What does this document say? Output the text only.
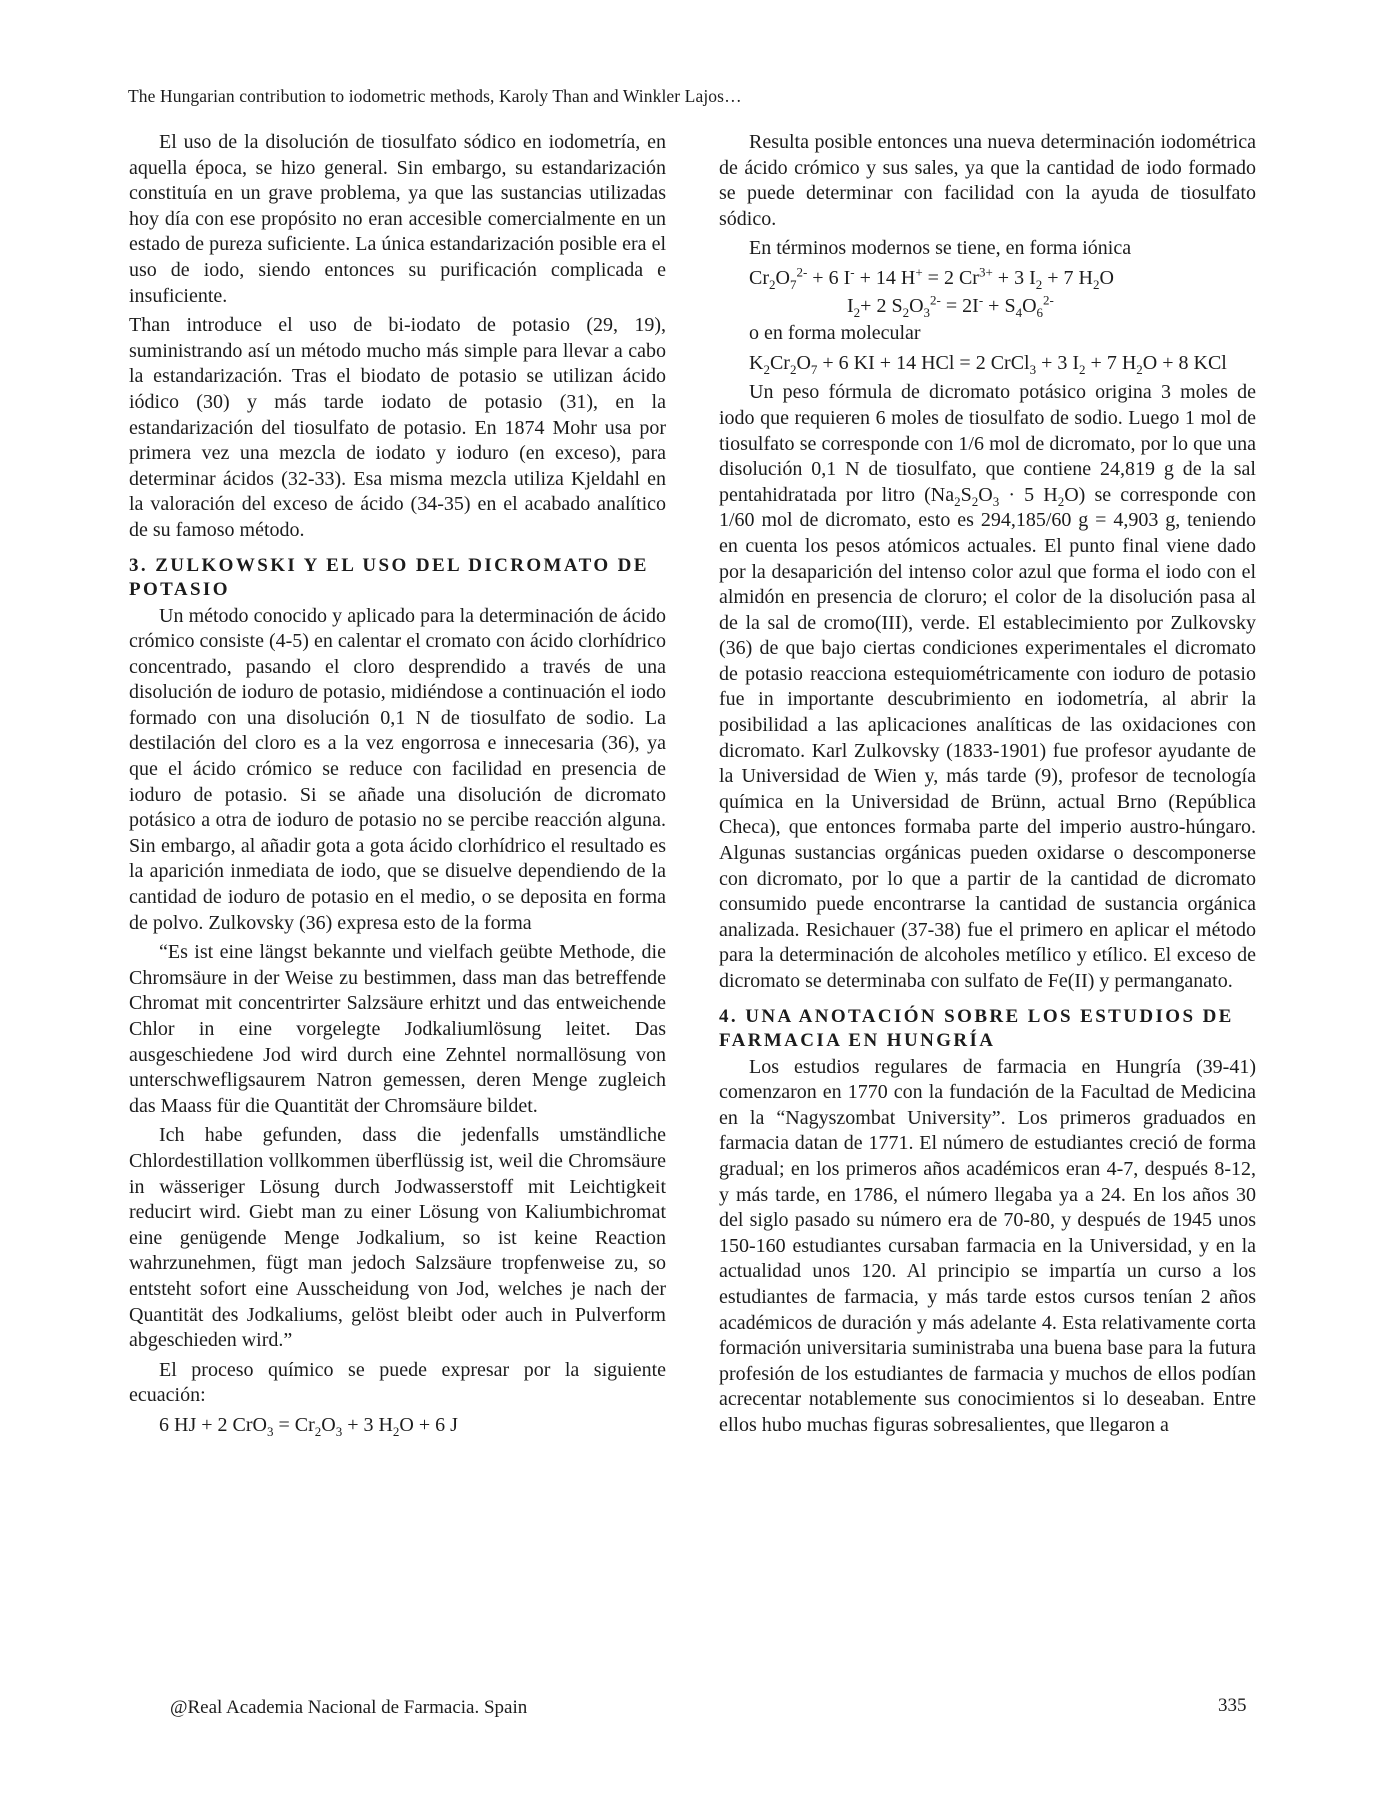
The Hungarian contribution to iodometric methods, Karoly Than and Winkler Lajos…

El uso de la disolución de tiosulfato sódico en iodometría, en aquella época, se hizo general. Sin embargo, su estandarización constituía en un grave problema, ya que las sustancias utilizadas hoy día con ese propósito no eran accesible comercialmente en un estado de pureza suficiente. La única estandarización posible era el uso de iodo, siendo entonces su purificación complicada e insuficiente.

Than introduce el uso de bi-iodato de potasio (29, 19), suministrando así un método mucho más simple para llevar a cabo la estandarización. Tras el biodato de potasio se utilizan ácido iódico (30) y más tarde iodato de potasio (31), en la estandarización del tiosulfato de potasio. En 1874 Mohr usa por primera vez una mezcla de iodato y ioduro (en exceso), para determinar ácidos (32-33). Esa misma mezcla utiliza Kjeldahl en la valoración del exceso de ácido (34-35) en el acabado analítico de su famoso método.

3. ZULKOWSKI Y EL USO DEL DICROMATO DE POTASIO

Un método conocido y aplicado para la determinación de ácido crómico consiste (4-5) en calentar el cromato con ácido clorhídrico concentrado, pasando el cloro desprendido a través de una disolución de ioduro de potasio, midiéndose a continuación el iodo formado con una disolución 0,1 N de tiosulfato de sodio. La destilación del cloro es a la vez engorrosa e innecesaria (36), ya que el ácido crómico se reduce con facilidad en presencia de ioduro de potasio. Si se añade una disolución de dicromato potásico a otra de ioduro de potasio no se percibe reacción alguna. Sin embargo, al añadir gota a gota ácido clorhídrico el resultado es la aparición inmediata de iodo, que se disuelve dependiendo de la cantidad de ioduro de potasio en el medio, o se deposita en forma de polvo. Zulkovsky (36) expresa esto de la forma

“Es ist eine längst bekannte und vielfach geübte Methode, die Chromsäure in der Weise zu bestimmen, dass man das betreffende Chromat mit concentrirter Salzsäure erhitzt und das entweichende Chlor in eine vorgelegte Jodkaliumlösung leitet. Das ausgeschiedene Jod wird durch eine Zehntel normallösung von unterschwefligsaurem Natron gemessen, deren Menge zugleich das Maass für die Quantität der Chromsäure bildet.

Ich habe gefunden, dass die jedenfalls umständliche Chlordestillation vollkommen überflüssig ist, weil die Chromsäure in wässeriger Lösung durch Jodwasserstoff mit Leichtigkeit reducirt wird. Giebt man zu einer Lösung von Kaliumbichromat eine genügende Menge Jodkalium, so ist keine Reaction wahrzunehmen, fügt man jedoch Salzsäure tropfenweise zu, so entsteht sofort eine Ausscheidung von Jod, welches je nach der Quantität des Jodkaliums, gelöst bleibt oder auch in Pulverform abgeschieden wird.”

El proceso químico se puede expresar por la siguiente ecuación:

6 HJ + 2 $CrO_3 = Cr_2O_3 + 3$ $H_2O + 6$ J

Resulta posible entonces una nueva determinación iodométrica de ácido crómico y sus sales, ya que la cantidad de iodo formado se puede determinar con facilidad con la ayuda de tiosulfato sódico.

En términos modernos se tiene, en forma iónica

$Cr_2O_7^{2-} + 6$ I- + 14 H+ = 2 $Cr^{3+} + 3$ $I_2 + 7$ $H_2O$
$I_2+ 2$ $S_2O_3^{2-} = 2I^- + S_4O_6^{2-}$

o en forma molecular

$K_2Cr_2O_7 + 6$ KI + 14 HCl = 2 CrCl$_3$ + 3 $I_2 + 7$ $H_2O + 8$ KCl

Un peso fórmula de dicromato potásico origina 3 moles de iodo que requieren 6 moles de tiosulfato de sodio. Luego 1 mol de tiosulfato se corresponde con 1/6 mol de dicromato, por lo que una disolución 0,1 N de tiosulfato, que contiene 24,819 g de la sal pentahidratada por litro ($Na_2S_2O_3 \cdot 5$ $H_2O$) se corresponde con 1/60 mol de dicromato, esto es 294,185/60 g = 4,903 g, teniendo en cuenta los pesos atómicos actuales. El punto final viene dado por la desaparición del intenso color azul que forma el iodo con el almidón en presencia de cloruro; el color de la disolución pasa al de la sal de cromo(III), verde. El establecimiento por Zulkovsky (36) de que bajo ciertas condiciones experimentales el dicromato de potasio reacciona estequiométricamente con ioduro de potasio fue in importante descubrimiento en iodometría, al abrir la posibilidad a las aplicaciones analíticas de las oxidaciones con dicromato. Karl Zulkovsky (1833-1901) fue profesor ayudante de la Universidad de Wien y, más tarde (9), profesor de tecnología química en la Universidad de Brünn, actual Brno (República Checa), que entonces formaba parte del imperio austro-húngaro. Algunas sustancias orgánicas pueden oxidarse o descomponerse con dicromato, por lo que a partir de la cantidad de dicromato consumido puede encontrarse la cantidad de sustancia orgánica analizada. Resichauer (37-38) fue el primero en aplicar el método para la determinación de alcoholes metílico y etílico. El exceso de dicromato se determinaba con sulfato de Fe(II) y permanganato.

4. UNA ANOTACIÓN SOBRE LOS ESTUDIOS DE FARMACIA EN HUNGRÍA

Los estudios regulares de farmacia en Hungría (39-41) comenzaron en 1770 con la fundación de la Facultad de Medicina en la “Nagyszombat University”. Los primeros graduados en farmacia datan de 1771. El número de estudiantes creció de forma gradual; en los primeros años académicos eran 4-7, después 8-12, y más tarde, en 1786, el número llegaba ya a 24. En los años 30 del siglo pasado su número era de 70-80, y después de 1945 unos 150-160 estudiantes cursaban farmacia en la Universidad, y en la actualidad unos 120. Al principio se impartía un curso a los estudiantes de farmacia, y más tarde estos cursos tenían 2 años académicos de duración y más adelante 4. Esta relativamente corta formación universitaria suministraba una buena base para la futura profesión de los estudiantes de farmacia y muchos de ellos podían acrecentar notablemente sus conocimientos si lo deseaban. Entre ellos hubo muchas figuras sobresalientes, que llegaron a

@Real Academia Nacional de Farmacia. Spain	335
